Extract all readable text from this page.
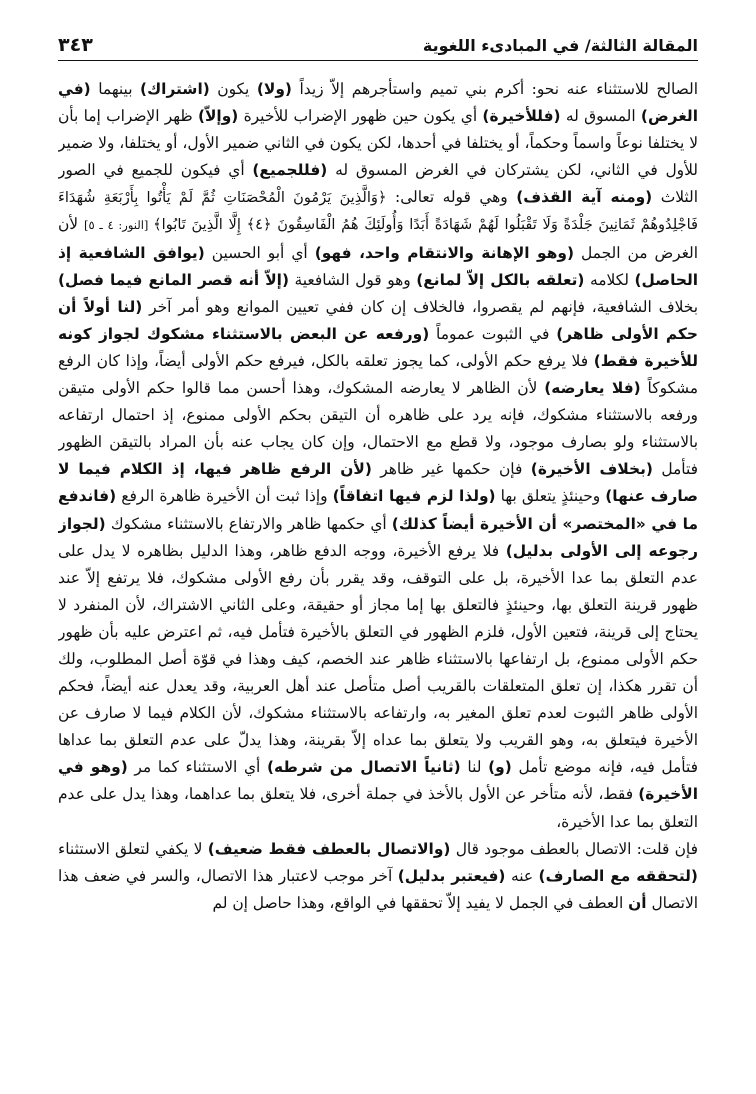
المقالة الثالثة/ في المبادىء اللغوية
٣٤٣

الصالح للاستثناء عنه نحو: أكرم بني تميم واستأجرهم إلاّ زيداً (ولا) يكون (اشتراك) بينهما (في الغرض) المسوق له (فللأخيرة) أي يكون حين ظهور الإضراب للأخيرة (وإلاّ) ظهر الإضراب إما بأن لا يختلفا نوعاً واسماً وحكماً، أو يختلفا في أحدها، لكن يكون في الثاني ضمير الأول، أو يختلفا، ولا ضمير للأول في الثاني، لكن يشتركان في الغرض المسوق له (فللجميع) أي فيكون للجميع في الصور الثلاث (ومنه آية القذف) وهي قوله تعالى: ﴿وَالَّذِينَ يَرْمُونَ الْمُحْصَنَاتِ ثُمَّ لَمْ يَأْتُوا بِأَرْبَعَةِ شُهَدَاءَ فَاجْلِدُوهُمْ ثَمَانِينَ جَلْدَةً وَلَا تَقْبَلُوا لَهُمْ شَهَادَةً أَبَدًا وَأُولَئِكَ هُمُ الْفَاسِقُونَ ﴿٤﴾ إِلَّا الَّذِينَ تَابُوا﴾ [النور: ٤ ـ ٥] لأن الغرض من الجمل (وهو الإهانة والانتقام واحد، فهو) أي أبو الحسين (يوافق الشافعية إذ الحاصل) لكلامه (تعلقه بالكل إلاّ لمانع) وهو قول الشافعية (إلاّ أنه قصر المانع فيما فصل) بخلاف الشافعية، فإنهم لم يقصروا، فالخلاف إن كان ففي تعيين الموانع وهو أمر آخر (لنا أولاً أن حكم الأولى ظاهر) في الثبوت عموماً (ورفعه عن البعض بالاستثناء مشكوك لجواز كونه للأخيرة فقط) فلا يرفع حكم الأولى، كما يجوز تعلقه بالكل، فيرفع حكم الأولى أيضاً، وإذا كان الرفع مشكوكاً (فلا يعارضه) لأن الظاهر لا يعارضه المشكوك، وهذا أحسن مما قالوا حكم الأولى متيقن ورفعه بالاستثناء مشكوك، فإنه يرد على ظاهره أن التيقن بحكم الأولى ممنوع، إذ احتمال ارتفاعه بالاستثناء ولو بصارف موجود، ولا قطع مع الاحتمال، وإن كان يجاب عنه بأن المراد بالتيقن الظهور فتأمل (بخلاف الأخيرة) فإن حكمها غير ظاهر (لأن الرفع ظاهر فيها، إذ الكلام فيما لا صارف عنها) وحينئذٍ يتعلق بها (ولذا لزم فيها اتفاقاً) وإذا ثبت أن الأخيرة ظاهرة الرفع (فاندفع ما في «المختصر» أن الأخيرة أيضاً كذلك) أي حكمها ظاهر والارتفاع بالاستثناء مشكوك (لجواز رجوعه إلى الأولى بدليل) فلا يرفع الأخيرة، ووجه الدفع ظاهر، وهذا الدليل بظاهره لا يدل على عدم التعلق بما عدا الأخيرة، بل على التوقف، وقد يقرر بأن رفع الأولى مشكوك، فلا يرتفع إلاّ عند ظهور قرينة التعلق بها، وحينئذٍ فالتعلق بها إما مجاز أو حقيقة، وعلى الثاني الاشتراك، لأن المنفرد لا يحتاج إلى قرينة، فتعين الأول، فلزم الظهور في التعلق بالأخيرة فتأمل فيه، ثم اعترض عليه بأن ظهور حكم الأولى ممنوع، بل ارتفاعها بالاستثناء ظاهر عند الخصم، كيف وهذا في قوّة أصل المطلوب، ولك أن تقرر هكذا، إن تعلق المتعلقات بالقريب أصل متأصل عند أهل العربية، وقد يعدل عنه أيضاً، فحكم الأولى ظاهر الثبوت لعدم تعلق المغير به، وارتفاعه بالاستثناء مشكوك، لأن الكلام فيما لا صارف عن الأخيرة فيتعلق به، وهو القريب ولا يتعلق بما عداه إلاّ بقرينة، وهذا يدلّ على عدم التعلق بما عداها فتأمل فيه، فإنه موضع تأمل (و) لنا (ثانياً الاتصال من شرطه) أي الاستثناء كما مر (وهو في الأخيرة) فقط، لأنه متأخر عن الأول بالأخذ في جملة أخرى، فلا يتعلق بما عداهما، وهذا يدل على عدم التعلق بما عدا الأخيرة،

فإن قلت: الاتصال بالعطف موجود قال (والاتصال بالعطف فقط ضعيف) لا يكفي لتعلق الاستثناء (لتحققه مع الصارف) عنه (فيعتبر بدليل) آخر موجب لاعتبار هذا الاتصال، والسر في ضعف هذا الاتصال أن العطف في الجمل لا يفيد إلاّ تحققها في الواقع، وهذا حاصل إن لم
